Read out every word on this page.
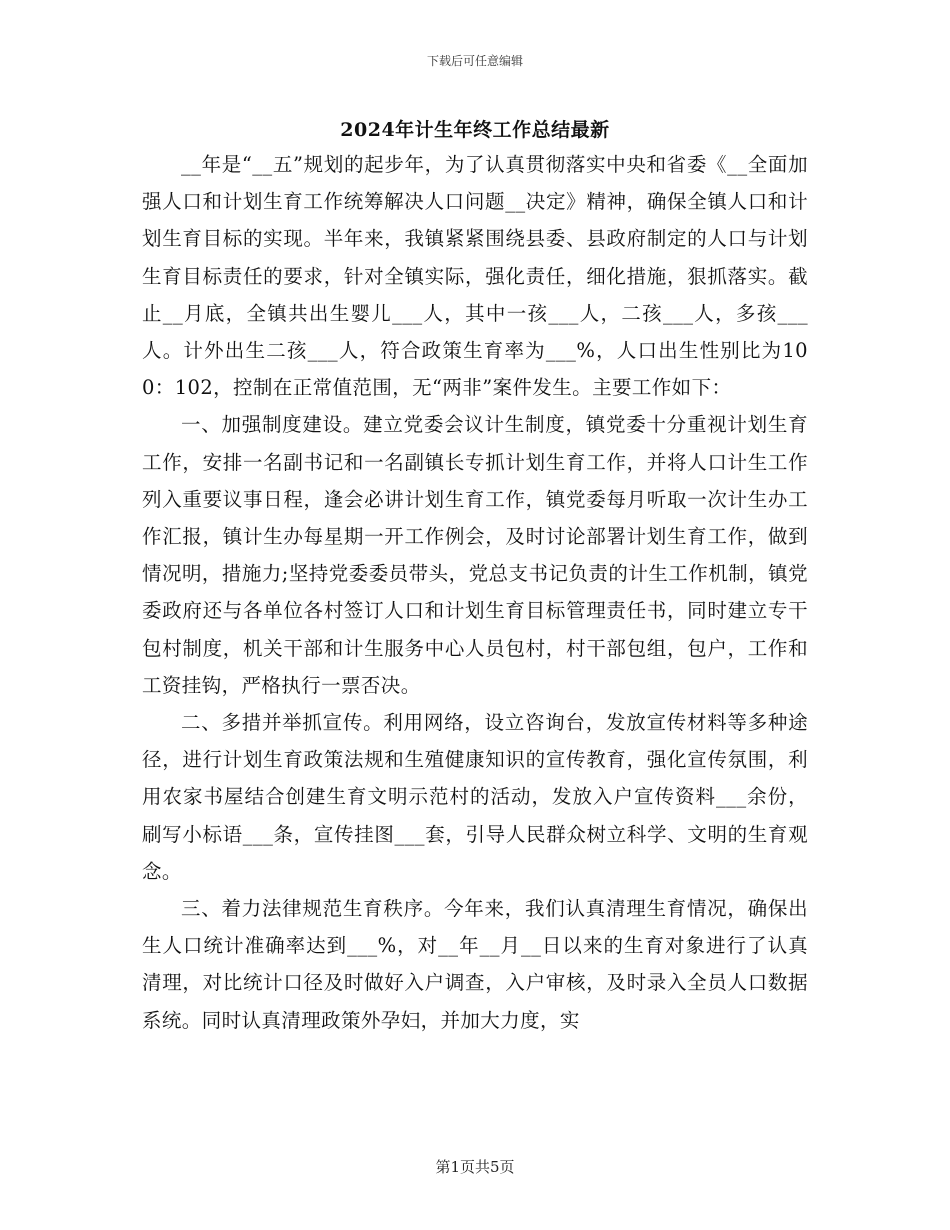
下载后可任意编辑
2024年计生年终工作总结最新

__年是“__五”规划的起步年，为了认真贯彻落实中央和省委《__全面加强人口和计划生育工作统筹解决人口问题__决定》精神，确保全镇人口和计划生育目标的实现。半年来，我镇紧紧围绕县委、县政府制定的人口与计划生育目标责任的要求，针对全镇实际，强化责任，细化措施，狠抓落实。截止__月底，全镇共出生婴儿___人，其中一孩___人，二孩___人，多孩___人。计外出生二孩___人，符合政策生育率为___%，人口出生性别比为100：102，控制在正常值范围，无“两非”案件发生。主要工作如下：

一、加强制度建设。建立党委会议计生制度，镇党委十分重视计划生育工作，安排一名副书记和一名副镇长专抓计划生育工作，并将人口计生工作列入重要议事日程，逢会必讲计划生育工作，镇党委每月听取一次计生办工作汇报，镇计生办每星期一开工作例会，及时讨论部署计划生育工作，做到情况明，措施力;坚持党委委员带头，党总支书记负责的计生工作机制，镇党委政府还与各单位各村签订人口和计划生育目标管理责任书，同时建立专干包村制度，机关干部和计生服务中心人员包村，村干部包组，包户，工作和工资挂钩，严格执行一票否决。

二、多措并举抓宣传。利用网络，设立咨询台，发放宣传材料等多种途径，进行计划生育政策法规和生殖健康知识的宣传教育，强化宣传氛围，利用农家书屋结合创建生育文明示范村的活动，发放入户宣传资料___余份，刷写小标语___条，宣传挂图___套，引导人民群众树立科学、文明的生育观念。

三、着力法律规范生育秩序。今年来，我们认真清理生育情况，确保出生人口统计准确率达到___%，对__年__月__日以来的生育对象进行了认真清理，对比统计口径及时做好入户调查，入户审核，及时录入全员人口数据系统。同时认真清理政策外孕妇，并加大力度，实

第1页共5页
